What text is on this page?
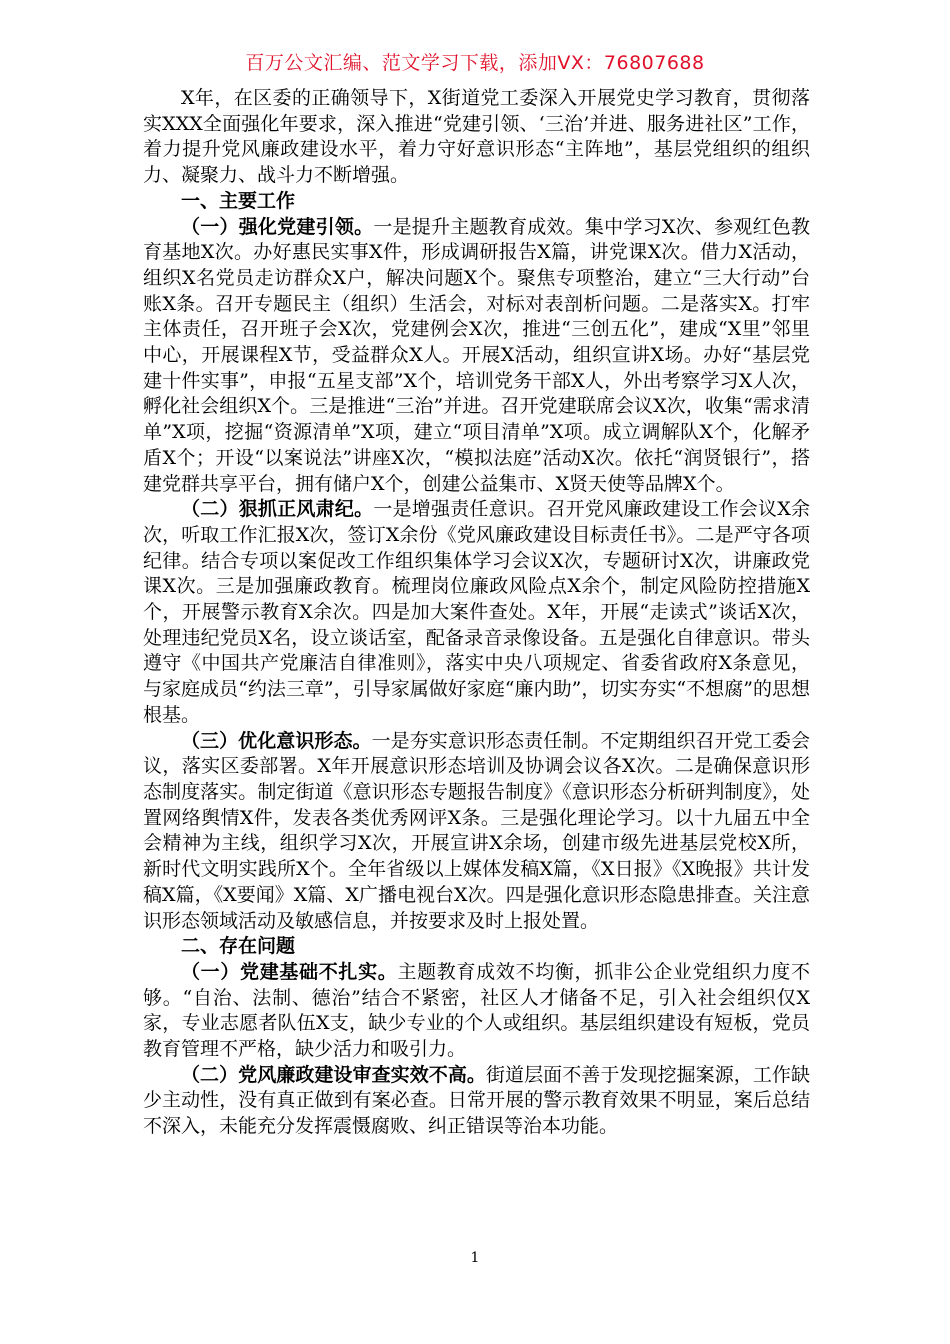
百万公文汇编、范文学习下载，添加VX：76807688

X年，在区委的正确领导下，X街道党工委深入开展党史学习教育，贯彻落实XXX全面强化年要求，深入推进“党建引领、‘三治’并进、服务进社区”工作，着力提升党风廉政建设水平，着力守好意识形态“主阵地”，基层党组织的组织力、凝聚力、战斗力不断增强。

一、主要工作

（一）强化党建引领。一是提升主题教育成效。集中学习X次、参观红色教育基地X次。办好惠民实事X件，形成调研报告X篇，讲党课X次。借力X活动，组织X名党员走访群众X户，解决问题X个。聚焦专项整治，建立“三大行动”台账X条。召开专题民主（组织）生活会，对标对表剖析问题。二是落实X。打牢主体责任，召开班子会X次，党建例会X次，推进“三创五化”，建成“X里”邻里中心，开展课程X节，受益群众X人。开展X活动，组织宣讲X场。办好“基层党建十件实事”，申报“五星支部”X个，培训党务干部X人，外出考察学习X人次，孵化社会组织X个。三是推进“三治”并进。召开党建联席会议X次，收集“需求清单”X项，挖掘“资源清单”X项，建立“项目清单”X项。成立调解队X个，化解矛盾X个；开设“以案说法”讲座X次，“模拟法庭”活动X次。依托“润贤银行”，搭建党群共享平台，拥有储户X个，创建公益集市、X贤天使等品牌X个。

（二）狠抓正风肃纪。一是增强责任意识。召开党风廉政建设工作会议X余次，听取工作汇报X次，签订X余份《党风廉政建设目标责任书》。二是严守各项纪律。结合专项以案促改工作组织集体学习会议X次，专题研讨X次，讲廉政党课X次。三是加强廉政教育。梳理岗位廉政风险点X余个，制定风险防控措施X个，开展警示教育X余次。四是加大案件查处。X年，开展“走读式”谈话X次，处理违纪党员X名，设立谈话室，配备录音录像设备。五是强化自律意识。带头遵守《中国共产党廉洁自律准则》，落实中央八项规定、省委省政府X条意见，与家庭成员“约法三章”，引导家属做好家庭“廉内助”，切实夯实“不想腐”的思想根基。

（三）优化意识形态。一是夯实意识形态责任制。不定期组织召开党工委会议，落实区委部署。X年开展意识形态培训及协调会议各X次。二是确保意识形态制度落实。制定街道《意识形态专题报告制度》《意识形态分析研判制度》，处置网络舆情X件，发表各类优秀网评X条。三是强化理论学习。以十九届五中全会精神为主线，组织学习X次，开展宣讲X余场，创建市级先进基层党校X所，新时代文明实践所X个。全年省级以上媒体发稿X篇，《X日报》《X晚报》共计发稿X篇，《X要闻》X篇、X广播电视台X次。四是强化意识形态隐患排查。关注意识形态领域活动及敏感信息，并按要求及时上报处置。

二、存在问题

（一）党建基础不扎实。主题教育成效不均衡，抓非公企业党组织力度不够。“自治、法制、德治”结合不紧密，社区人才储备不足，引入社会组织仅X家，专业志愿者队伍X支，缺少专业的个人或组织。基层组织建设有短板，党员教育管理不严格，缺少活力和吸引力。

（二）党风廉政建设审查实效不高。街道层面不善于发现挖掘案源，工作缺少主动性，没有真正做到有案必查。日常开展的警示教育效果不明显，案后总结不深入，未能充分发挥震慑腐败、纠正错误等治本功能。

1
